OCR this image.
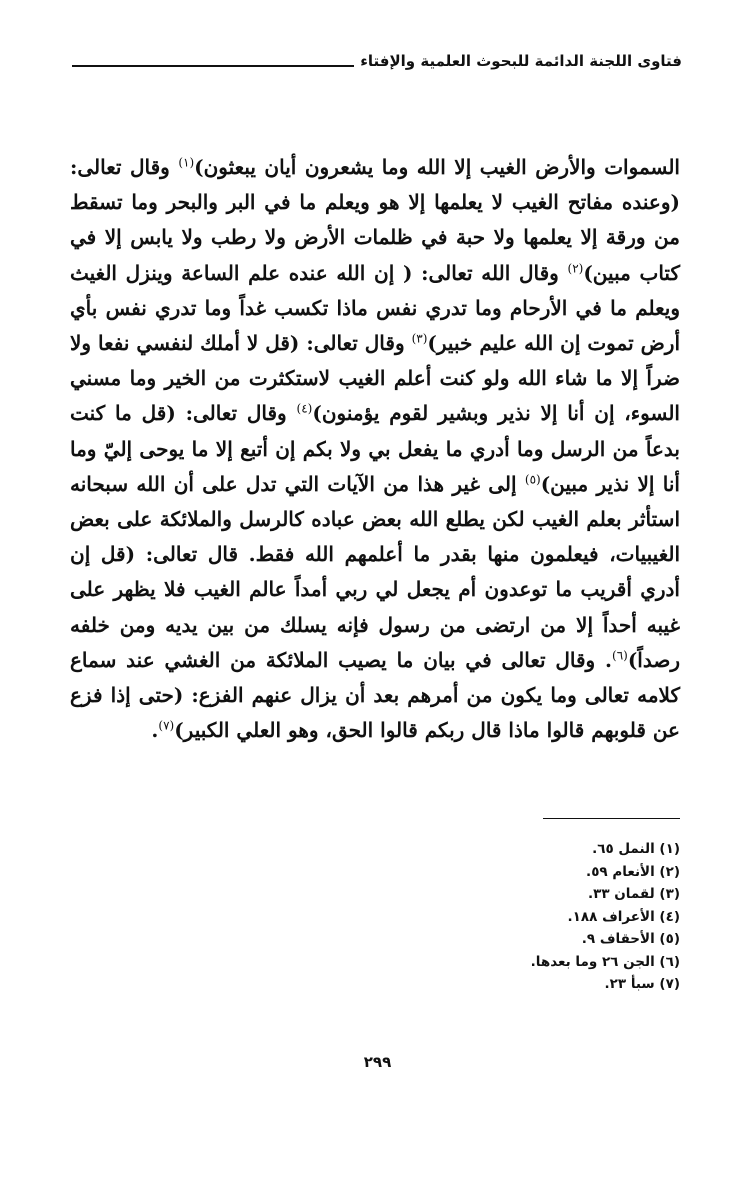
فتاوى اللجنة الدائمة للبحوث العلمية والإفتاء

السموات والأرض الغيب إلا الله وما يشعرون أيان يبعثون)$^{(١)}$ وقال تعالى: (وعنده مفاتح الغيب لا يعلمها إلا هو ويعلم ما في البر والبحر وما تسقط من ورقة إلا يعلمها ولا حبة في ظلمات الأرض ولا رطب ولا يابس إلا في كتاب مبين)$^{(٢)}$ وقال الله تعالى: ( إن الله عنده علم الساعة وينزل الغيث ويعلم ما في الأرحام وما تدري نفس ماذا تكسب غداً وما تدري نفس بأي أرض تموت إن الله عليم خبير)$^{(٣)}$ وقال تعالى: (قل لا أملك لنفسي نفعا ولا ضراً إلا ما شاء الله ولو كنت أعلم الغيب لاستكثرت من الخير وما مسني السوء، إن أنا إلا نذير وبشير لقوم يؤمنون)$^{(٤)}$ وقال تعالى: (قل ما كنت بدعاً من الرسل وما أدري ما يفعل بي ولا بكم إن أتبع إلا ما يوحى إليّ وما أنا إلا نذير مبين)$^{(٥)}$ إلى غير هذا من الآيات التي تدل على أن الله سبحانه استأثر بعلم الغيب لكن يطلع الله بعض عباده كالرسل والملائكة على بعض الغيبيات، فيعلمون منها بقدر ما أعلمهم الله فقط. قال تعالى: (قل إن أدري أقريب ما توعدون أم يجعل لي ربي أمداً عالم الغيب فلا يظهر على غيبه أحداً إلا من ارتضى من رسول فإنه يسلك من بين يديه ومن خلفه رصداً)$^{(٦)}$. وقال تعالى في بيان ما يصيب الملائكة من الغشي عند سماع كلامه تعالى وما يكون من أمرهم بعد أن يزال عنهم الفزع: (حتى إذا فزع عن قلوبهم قالوا ماذا قال ربكم قالوا الحق، وهو العلي الكبير)$^{(٧)}$.

(١) النمل ٦٥.
(٢) الأنعام ٥٩.
(٣) لقمان ٣٣.
(٤) الأعراف ١٨٨.
(٥) الأحقاف ٩.
(٦) الجن ٢٦ وما بعدها.
(٧) سبأ ٢٣.
٢٩٩
